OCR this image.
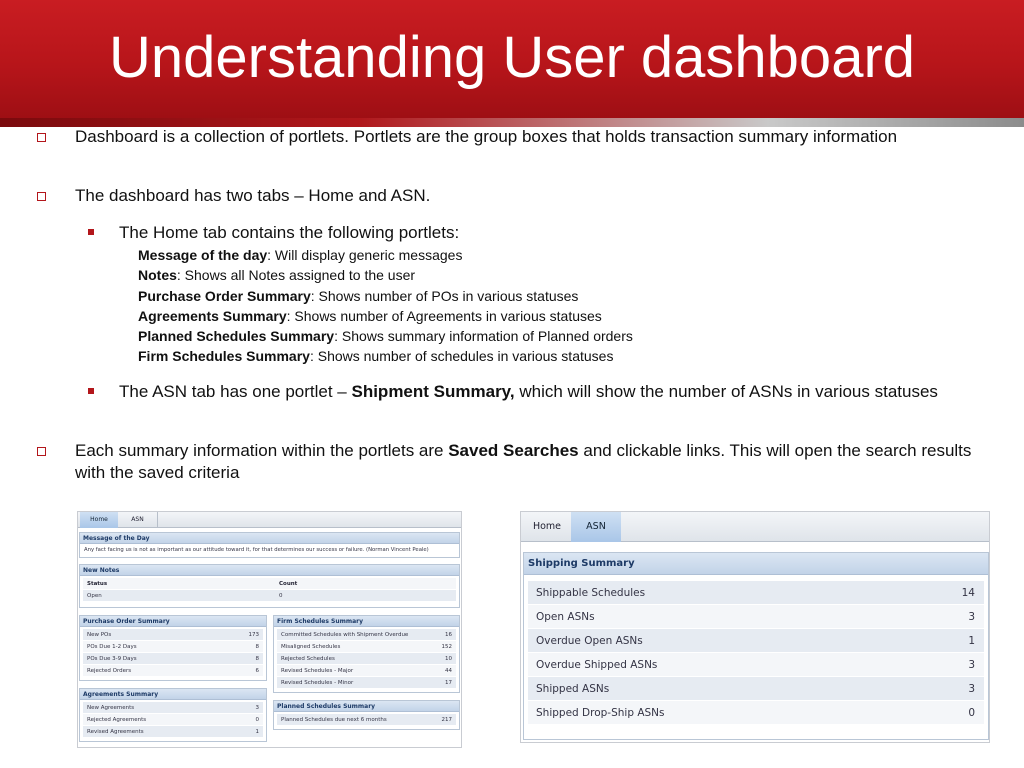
Understanding User dashboard
Dashboard is a collection of portlets. Portlets are the group boxes that holds transaction summary information
The dashboard has two tabs – Home and ASN.
The Home tab contains the following portlets:
Message of the day: Will display generic messages
Notes: Shows all Notes assigned to the user
Purchase Order Summary: Shows number of POs in various statuses
Agreements Summary: Shows number of Agreements in various statuses
Planned Schedules Summary: Shows summary information of Planned orders
Firm Schedules Summary: Shows number of schedules in various statuses
The ASN tab has one portlet – Shipment Summary, which will show the number of ASNs in various statuses
Each summary information within the portlets are Saved Searches and clickable links. This will open the search results with the saved criteria
Home	ASN
Message of the Day
Any fact facing us is not as important as our attitude toward it, for that determines our success or failure. (Norman Vincent Peale)
New Notes
Status	Count
Open	0
Purchase Order Summary
New POs	173
POs Due 1-2 Days	8
POs Due 3-9 Days	8
Rejected Orders	6
Firm Schedules Summary
Committed Schedules with Shipment Overdue	16
Misaligned Schedules	152
Rejected Schedules	10
Revised Schedules - Major	44
Revised Schedules - Minor	17
Agreements Summary
New Agreements	3
Rejected Agreements	0
Revised Agreements	1
Planned Schedules Summary
Planned Schedules due next 6 months	217
Home	ASN
Shipping Summary
Shippable Schedules	14
Open ASNs	3
Overdue Open ASNs	1
Overdue Shipped ASNs	3
Shipped ASNs	3
Shipped Drop-Ship ASNs	0
